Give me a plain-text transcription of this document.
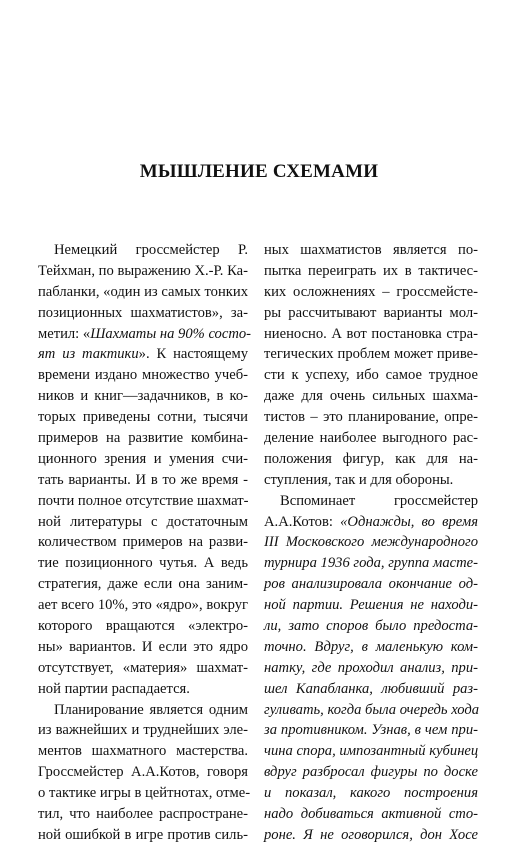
МЫШЛЕНИЕ СХЕМАМИ
Немецкий гроссмейстер Р.
Тейхман, по выражению Х.-Р. Ка-
пабланки, «один из самых тонких
позиционных шахматистов», за-
метил: «Шахматы на 90% состо-
ят из тактики». К настоящему
времени издано множество учеб-
ников и книг—задачников, в ко-
торых приведены сотни, тысячи
примеров на развитие комбина-
ционного зрения и умения счи-
тать варианты. И в то же время -
почти полное отсутствие шахмат-
ной литературы с достаточным
количеством примеров на разви-
тие позиционного чутья. А ведь
стратегия, даже если она заним-
ает всего 10%, это «ядро», вокруг
которого вращаются «электро-
ны» вариантов. И если это ядро
отсутствует, «материя» шахмат-
ной партии распадается.
Планирование является одним
из важнейших и труднейших эле-
ментов шахматного мастерства.
Гроссмейстер А.А.Котов, говоря
о тактике игры в цейтнотах, отме-
тил, что наиболее распростране-
ной ошибкой в игре против силь-
ных шахматистов является по-
пытка переиграть их в тактичес-
ких осложнениях – гроссмейсте-
ры рассчитывают варианты мол-
ниеносно. А вот постановка стра-
тегических проблем может приве-
сти к успеху, ибо самое трудное
даже для очень сильных шахма-
тистов – это планирование, опре-
деление наиболее выгодного рас-
положения фигур, как для на-
ступления, так и для обороны.
Вспоминает гроссмейстер
А.А.Котов: «Однажды, во время
III Московского международного
турнира 1936 года, группа масте-
ров анализировала окончание од-
ной партии. Решения не находи-
ли, зато споров было предоста-
точно. Вдруг, в маленькую ком-
натку, где проходил анализ, при-
шел Капабланка, любивший раз-
гуливать, когда была очередь хода
за противником. Узнав, в чем при-
чина спора, импозантный кубинец
вдруг разбросал фигуры по доске
и показал, какого построения
надо добиваться активной сто-
роне. Я не оговорился, дон Хосе
